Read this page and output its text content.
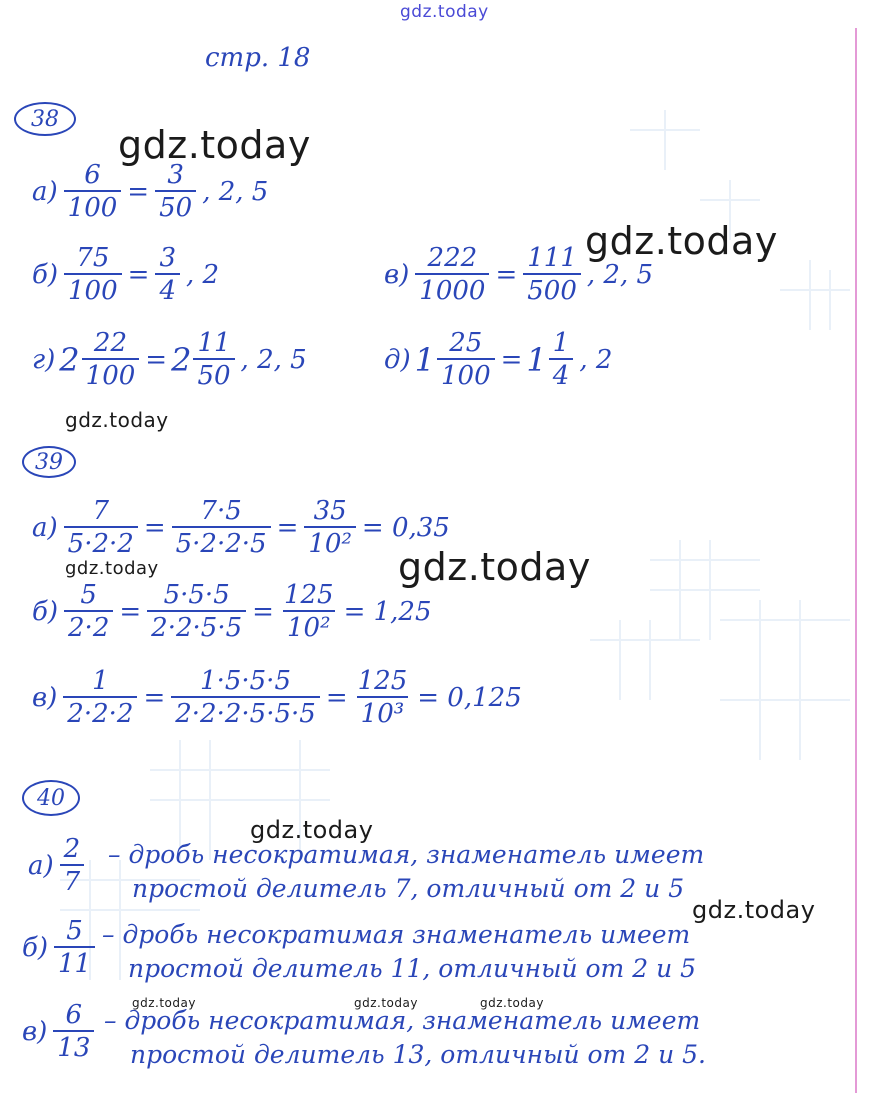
gdz.today
стр. 18
38
gdz.today
$а) \frac{6}{100} = \frac{3}{50}$ , 2, 5
$б) \frac{75}{100} = \frac{3}{4}$ , 2	$в) \frac{222}{1000} = \frac{111}{500}$ , 2, 5
gdz.today
г) $2 \frac{22}{100} = 2 \frac{11}{50}$ , 2, 5	д) $1 \frac{25}{100} = 1 \frac{1}{4}$ , 2
gdz.today
39
$а) \frac{7}{5\cdot 2\cdot 2} = \frac{7\cdot 5}{5\cdot 2\cdot 2\cdot 5} = \frac{35}{\text{10²}} = 0,35$
gdz.today	gdz.today
$б) \frac{5}{2\cdot 2} = \frac{5\cdot 5\cdot 5}{2\cdot 2\cdot 5\cdot 5} = \frac{125}{\text{10²}} = 1,25$
$в) \frac{1}{2\cdot 2\cdot 2} = \frac{1\cdot 5\cdot 5\cdot 5}{2\cdot 2\cdot 2\cdot 5\cdot 5\cdot 5} = \frac{125}{\text{10³}} = 0,125$
40
gdz.today
$а) \frac{2}{7}$ – дробь несократимая, знаменатель имеет
простой делитель 7, отличный от 2 и 5
gdz.today
$б) \frac{5}{11}$ – дробь несократимая знаменатель имеет
простой делитель 11, отличный от 2 и 5
gdz.today	gdz.today	gdz.today
$в) \frac{6}{13}$ – дробь несократимая, знаменатель имеет
простой делитель 13, отличный от 2 и 5.
